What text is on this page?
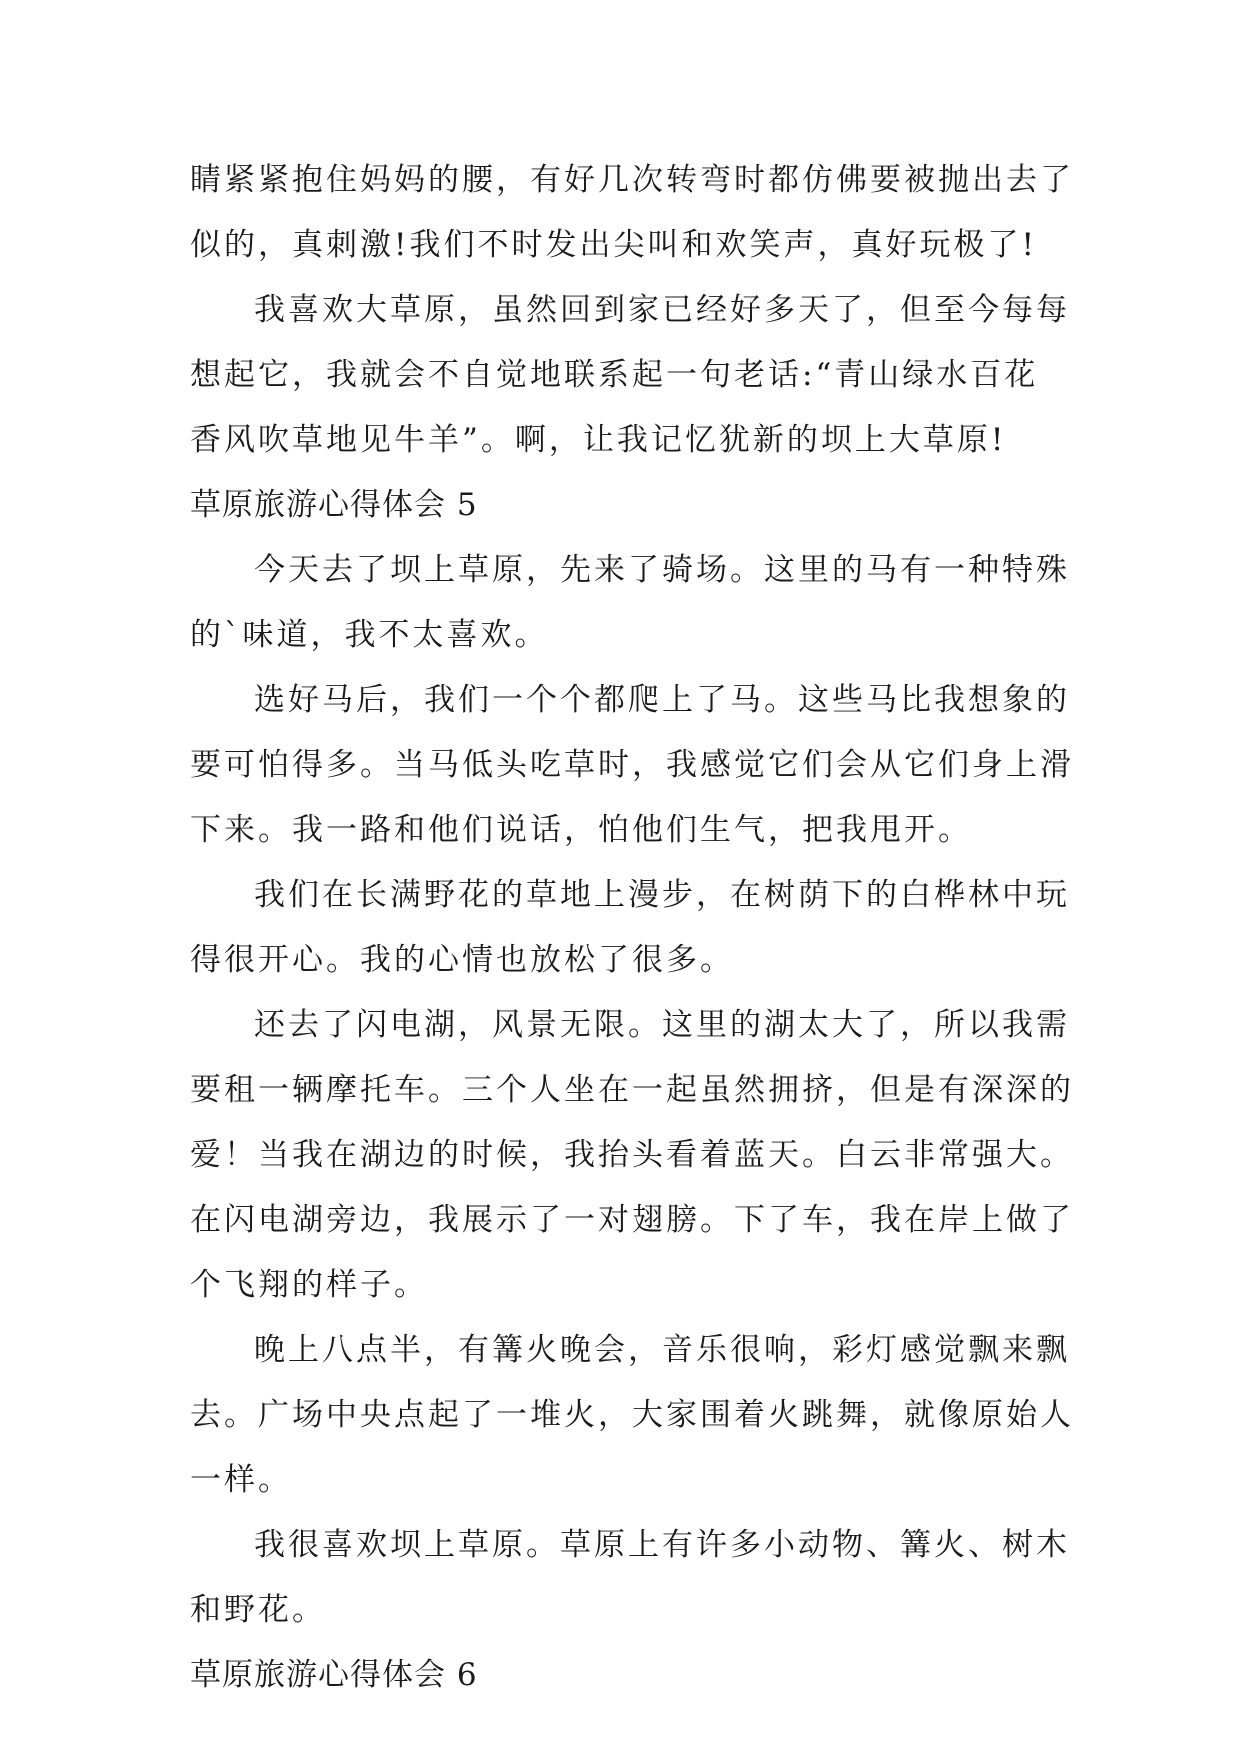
睛紧紧抱住妈妈的腰，有好几次转弯时都仿佛要被抛出去了
似的，真刺激!我们不时发出尖叫和欢笑声，真好玩极了!
我喜欢大草原，虽然回到家已经好多天了，但至今每每
想起它，我就会不自觉地联系起一句老话:“青山绿水百花
香风吹草地见牛羊”。啊，让我记忆犹新的坝上大草原!
草原旅游心得体会 5
今天去了坝上草原，先来了骑场。这里的马有一种特殊
的`味道，我不太喜欢。
选好马后，我们一个个都爬上了马。这些马比我想象的
要可怕得多。当马低头吃草时，我感觉它们会从它们身上滑
下来。我一路和他们说话，怕他们生气，把我甩开。
我们在长满野花的草地上漫步，在树荫下的白桦林中玩
得很开心。我的心情也放松了很多。
还去了闪电湖，风景无限。这里的湖太大了，所以我需
要租一辆摩托车。三个人坐在一起虽然拥挤，但是有深深的
爱！当我在湖边的时候，我抬头看着蓝天。白云非常强大。
在闪电湖旁边，我展示了一对翅膀。下了车，我在岸上做了
个飞翔的样子。
晚上八点半，有篝火晚会，音乐很响，彩灯感觉飘来飘
去。广场中央点起了一堆火，大家围着火跳舞，就像原始人
一样。
我很喜欢坝上草原。草原上有许多小动物、篝火、树木
和野花。
草原旅游心得体会 6
